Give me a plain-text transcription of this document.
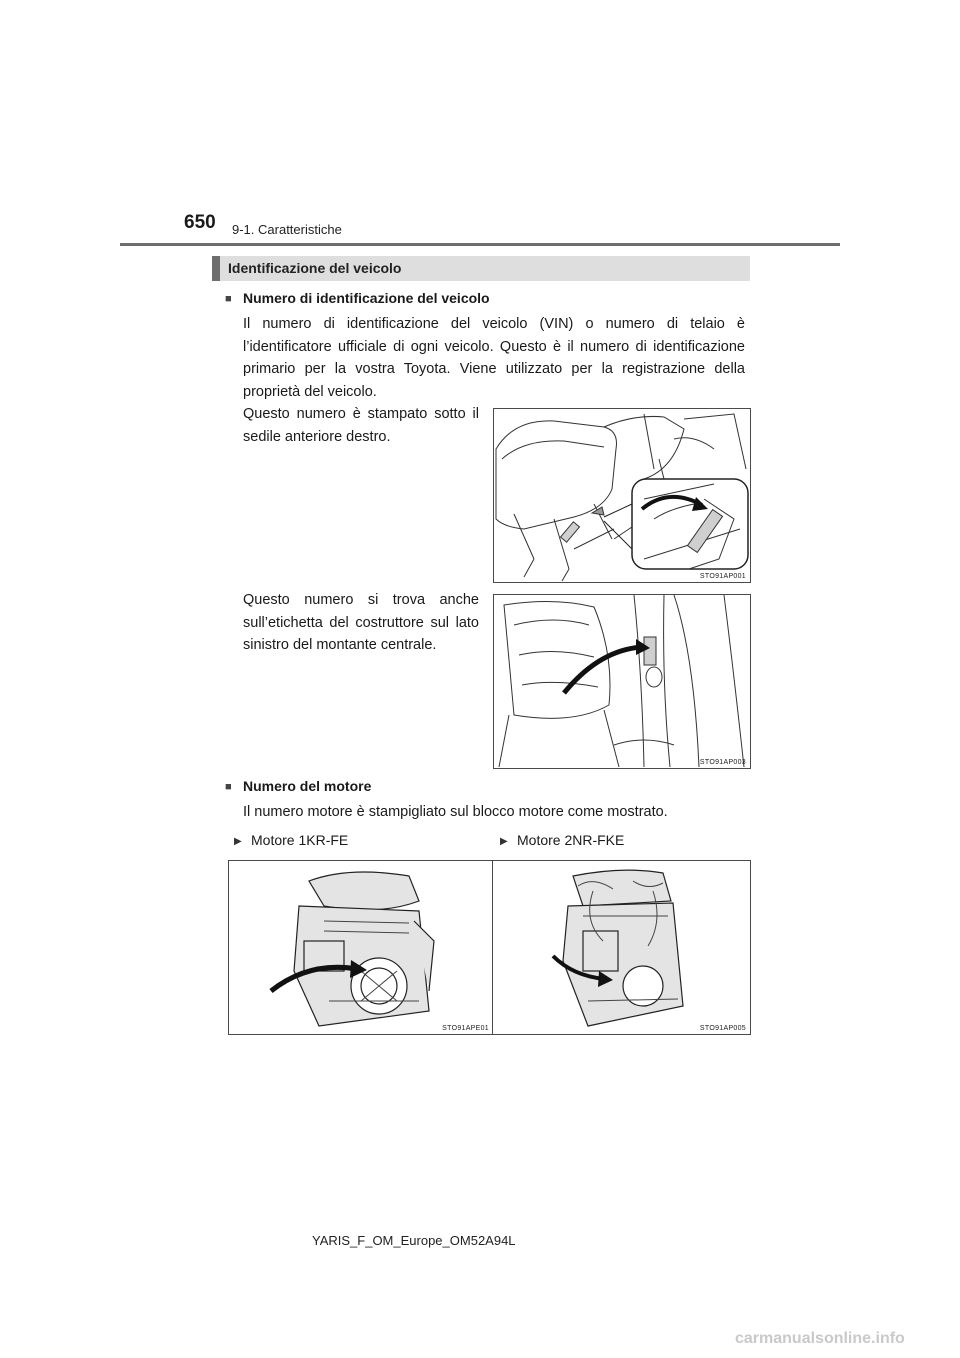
650 9-1. Caratteristiche
Identificazione del veicolo
■ Numero di identificazione del veicolo
Il numero di identificazione del veicolo (VIN) o numero di telaio è l’identificatore ufficiale di ogni veicolo. Questo è il numero di identificazione primario per la vostra Toyota. Viene utilizzato per la registrazione della proprietà del veicolo.
Questo numero è stampato sotto il sedile anteriore destro.
STO91AP001
Questo numero si trova anche sull’etichetta del costruttore sul lato sinistro del montante centrale.
STO91AP003
■ Numero del motore
Il numero motore è stampigliato sul blocco motore come mostrato.
▶ Motore 1KR-FE	▶ Motore 2NR-FKE
STO91APE01	STO91AP005
YARIS_F_OM_Europe_OM52A94L
carmanualsonline.info
